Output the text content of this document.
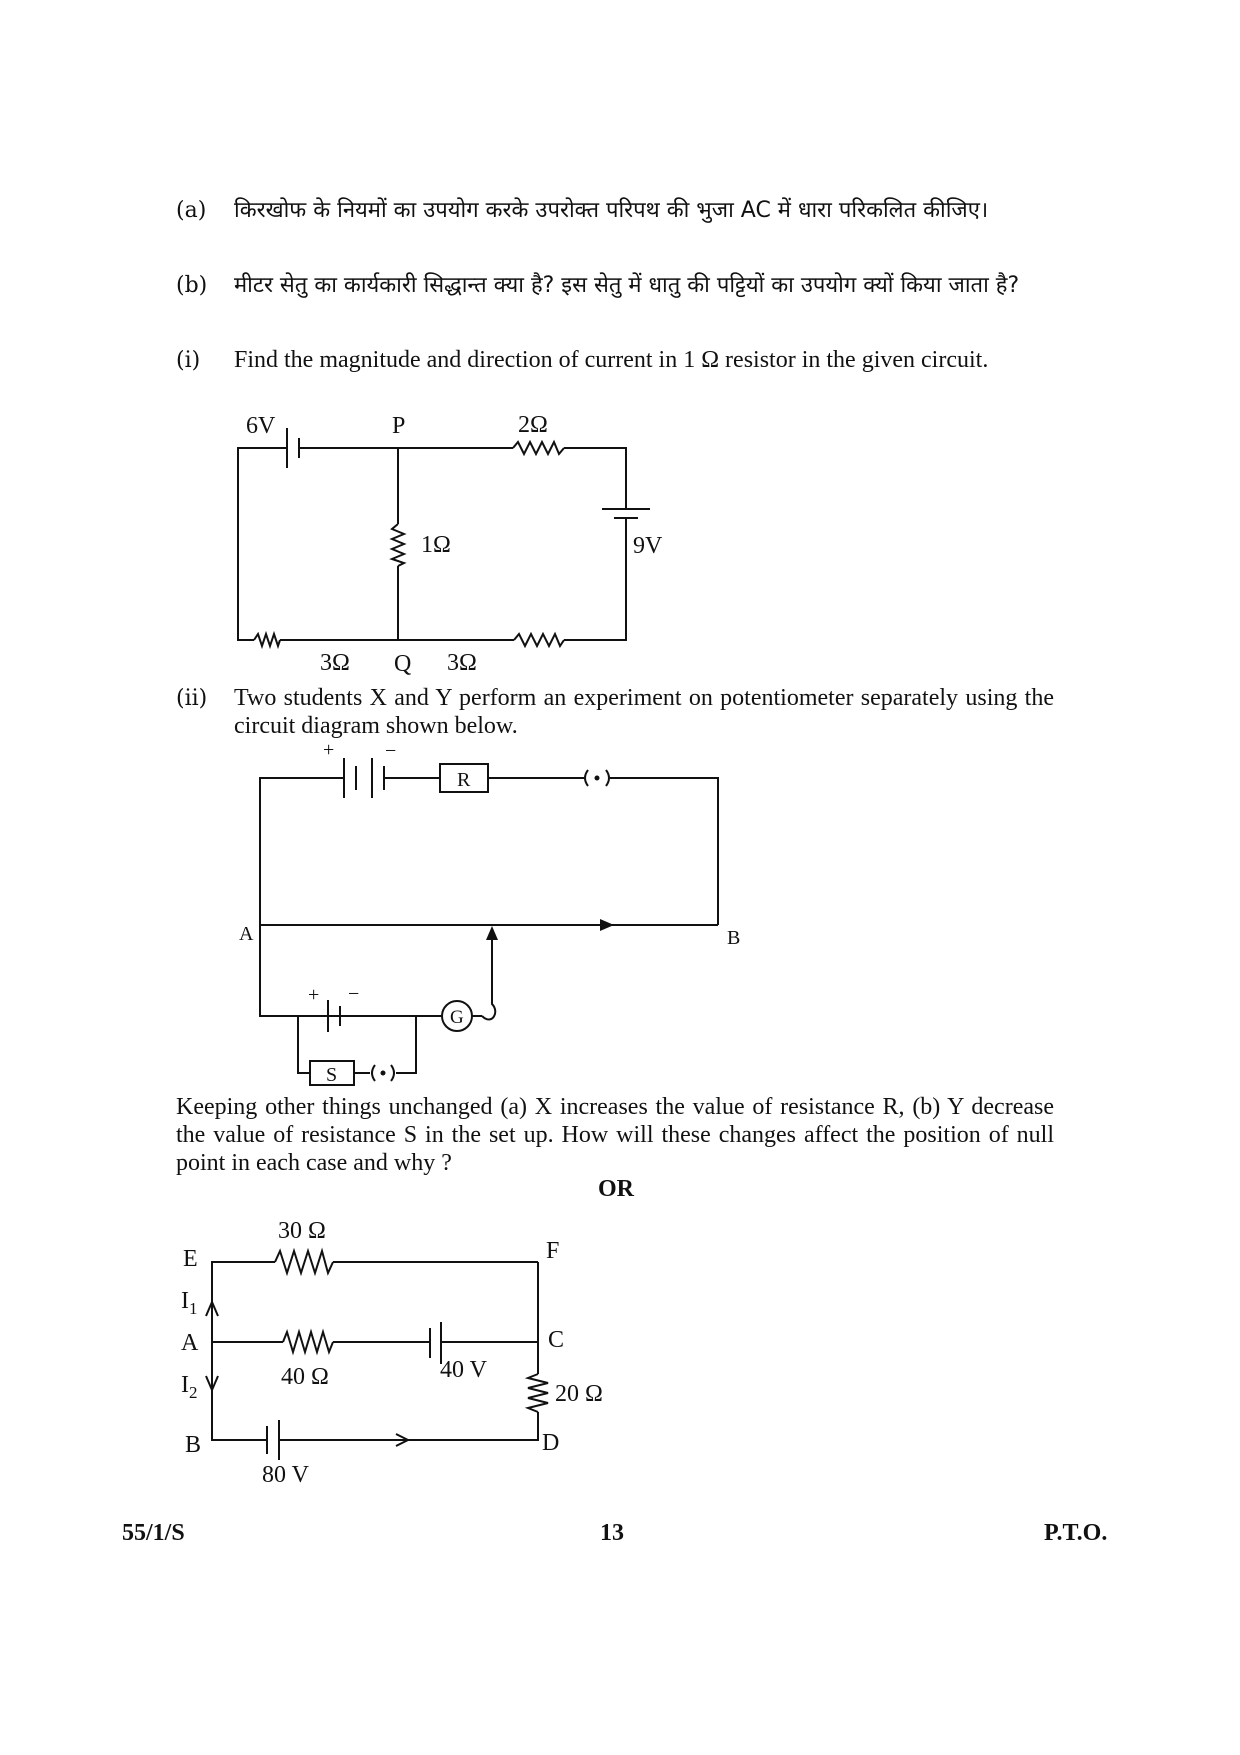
(a) किरखोफ के नियमों का उपयोग करके उपरोक्त परिपथ की भुजा AC में धारा परिकलित कीजिए।
(b) मीटर सेतु का कार्यकारी सिद्धान्त क्या है? इस सेतु में धातु की पट्टियों का उपयोग क्यों किया जाता है?
(i) Find the magnitude and direction of current in 1 Ω resistor in the given circuit.
(ii) Two students X and Y perform an experiment on potentiometer separately using the circuit diagram shown below.
Keeping other things unchanged (a) X increases the value of resistance R, (b) Y decrease the value of resistance S in the set up. How will these changes affect the position of null point in each case and why ?
OR
6V	P	2Ω
1Ω	9V
3Ω Q 3Ω
+	−
R
A	B
+ −
G
S
30 Ω
E	F
$I_1$
A
40 Ω	40 V
C
$I_2$	20 Ω
B
80 V
D
55/1/S	13	P.T.O.
